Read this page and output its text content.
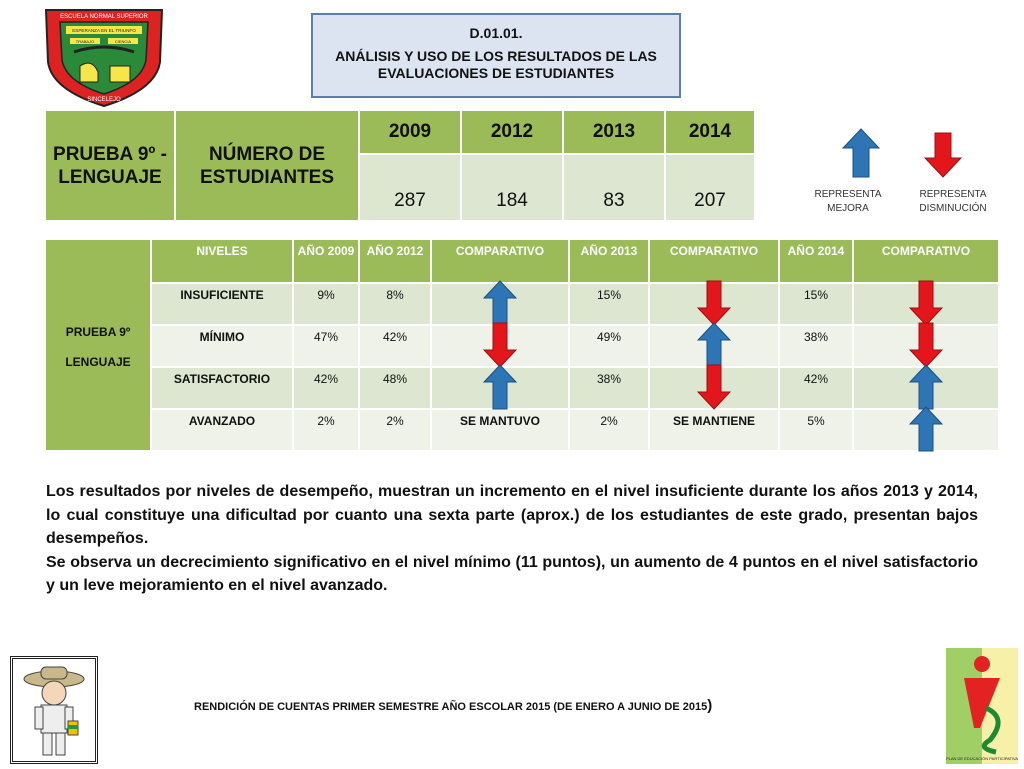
ESCUELA NORMAL SUPERIOR
ESPERANZA EN EL TRIUNFO
TRABAJO	CIENCIA
SINCELEJO
D.01.01.
ANÁLISIS Y USO DE LOS RESULTADOS DE LAS EVALUACIONES DE ESTUDIANTES
PRUEBA 9º - LENGUAJE	NÚMERO DE ESTUDIANTES	2009	2012	2013	2014
		287	184	83	207	REPRESENTA MEJORA
REPRESENTA DISMINUCIÓN
PRUEBA 9º
LENGUAJE	NIVELES	AÑO 2009	AÑO 2012	COMPARATIVO	AÑO 2013	COMPARATIVO	AÑO 2014	COMPARATIVO
	INSUFICIENTE	9%	8%		15%		15%	

	MÍNIMO	47%	42%		49%		38%	

	SATISFACTORIO	42%	48%		38%		42%	

	AVANZADO	2%	2%	SE MANTUVO	2%	SE MANTIENE	5%	

Los resultados por niveles de desempeño, muestran un incremento en el nivel insuficiente durante los años 2013 y 2014, lo cual constituye una dificultad por cuanto una sexta parte (aprox.) de los estudiantes de este grado, presentan bajos desempeños.

Se observa un decrecimiento significativo en el nivel mínimo (11 puntos), un aumento de 4 puntos en el nivel satisfactorio y un leve mejoramiento en el nivel avanzado.

RENDICIÓN DE CUENTAS PRIMER SEMESTRE AÑO ESCOLAR 2015 (DE ENERO A JUNIO DE 2015)
PLAN DE EDUCACIÓN PARTICIPATIVA
